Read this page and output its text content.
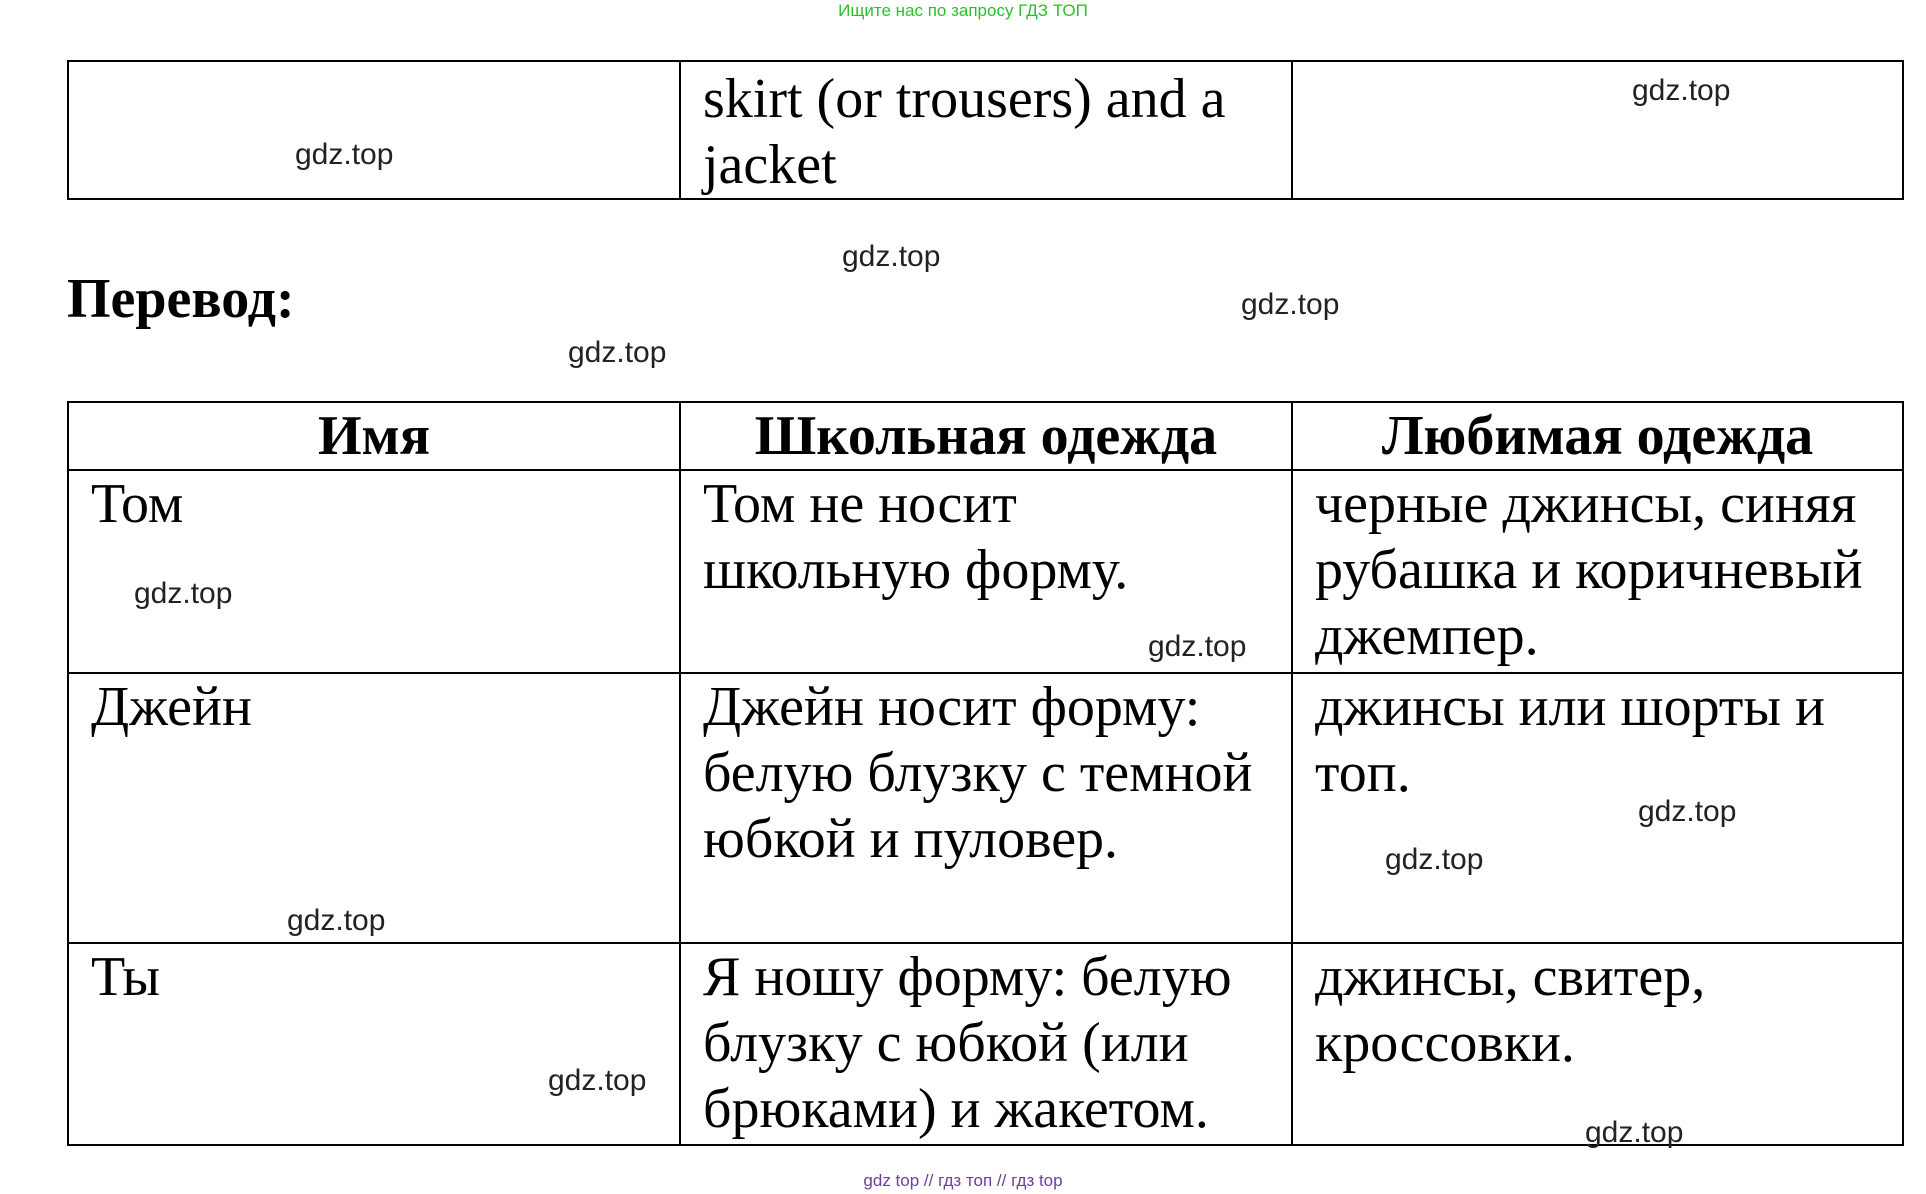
Ищите нас по запросу ГДЗ ТОП
	skirt (or trousers) and a jacket	
Перевод:
Имя	Школьная одежда	Любимая одежда
Том	Том не носит школьную форму.	черные джинсы, синяя рубашка и коричневый джемпер.
Джейн	Джейн носит форму: белую блузку с темной юбкой и пуловер.	джинсы или шорты и топ.
Ты	Я ношу форму: белую блузку с юбкой (или брюками) и жакетом.	джинсы, свитер, кроссовки.
gdz.top
gdz.top
gdz.top
gdz.top
gdz.top
gdz.top
gdz.top
gdz.top
gdz.top
gdz.top
gdz.top
gdz.top
gdz top // гдз топ // гдз top
